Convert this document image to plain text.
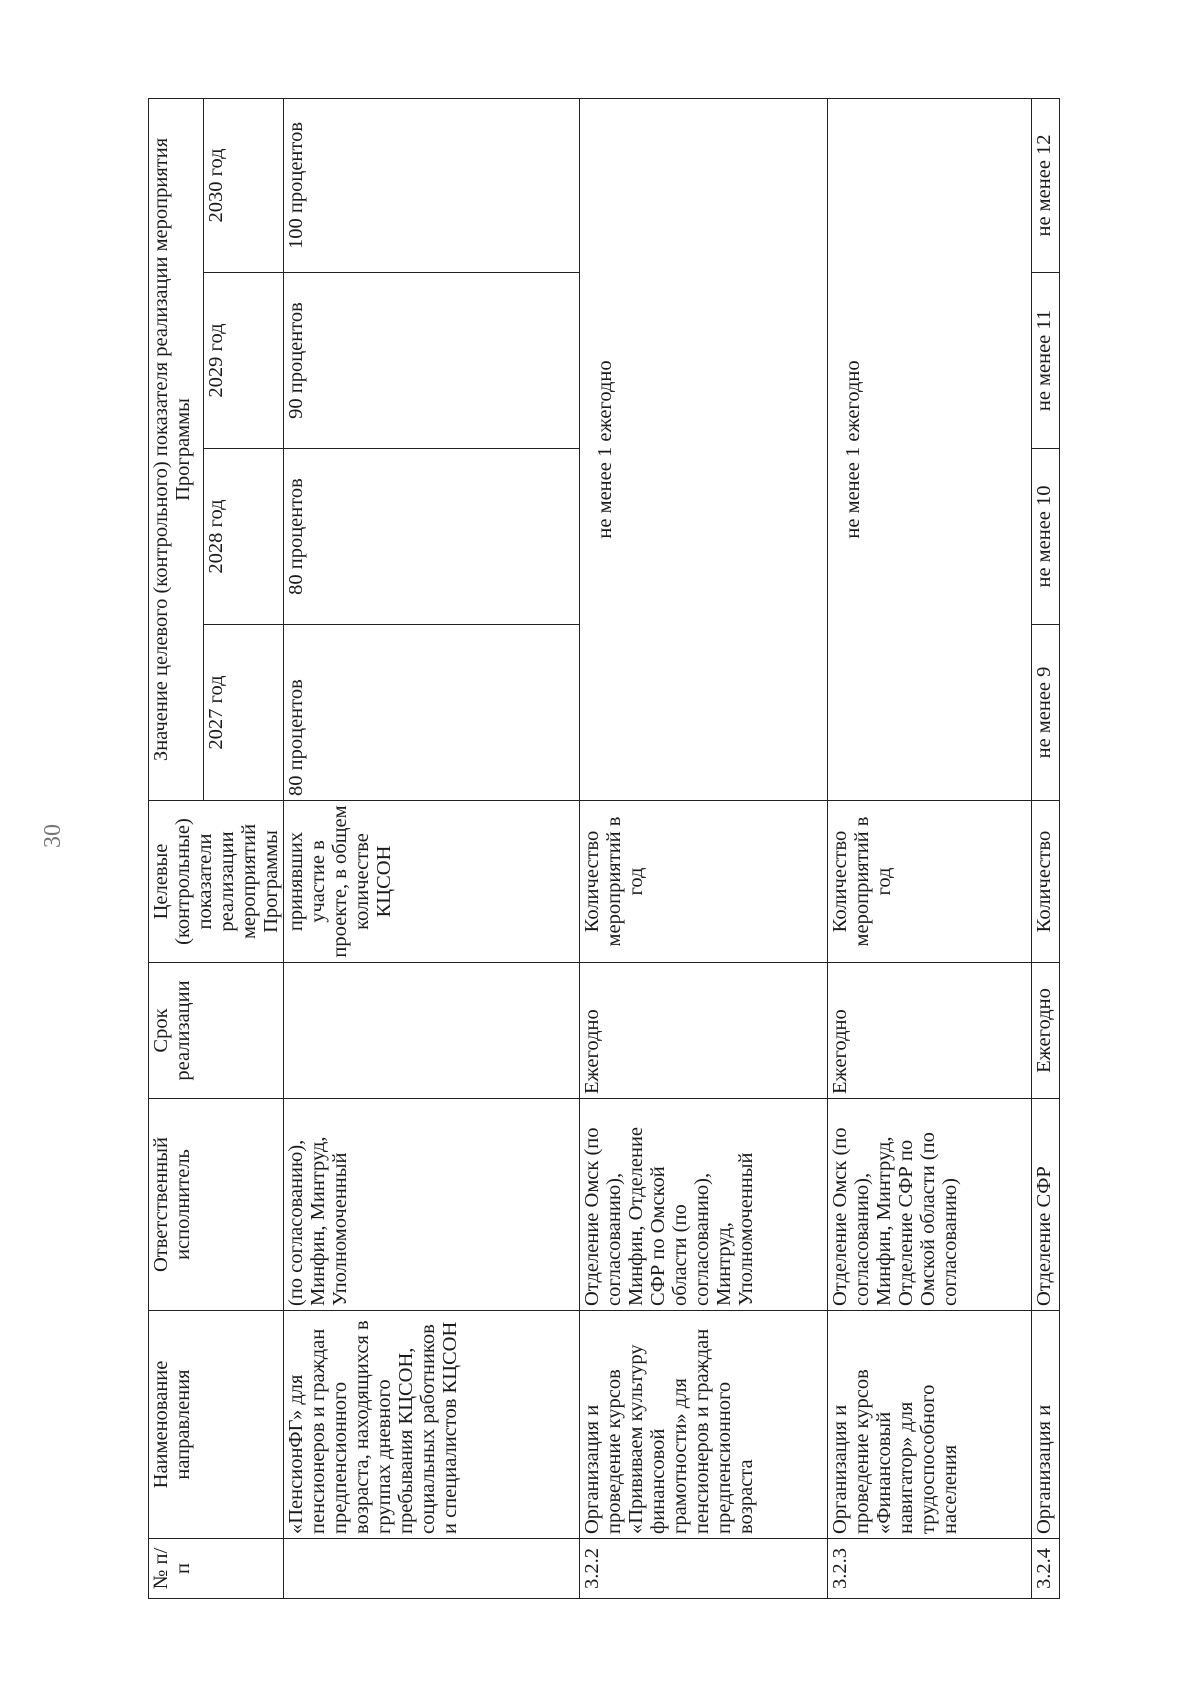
30
№ п/п	Наименование направления	Ответственный исполнитель	Срок реализации	Целевые (контрольные) показатели реализации мероприятий Программы	Значение целевого (контрольного) показателя реализации мероприятия Программы			
					2027 год	2028 год	2029 год	2030 год
	«ПенсионФГ» для пенсионеров и граждан предпенсионного возраста, находящихся в группах дневного пребывания КЦСОН, социальных работников и специалистов КЦСОН	(по согласованию), Минфин, Минтруд, Уполномоченный		принявших участие в проекте, в общем количестве КЦСОН	80 процентов	80 процентов	90 процентов	100 процентов
3.2.2	Организация и проведение курсов «Прививаем культуру финансовой грамотности» для пенсионеров и граждан предпенсионного возраста	Отделение Омск (по согласованию), Минфин, Отделение СФР по Омской области (по согласованию), Минтруд, Уполномоченный	Ежегодно	Количество мероприятий в год	не менее 1 ежегодно			
3.2.3	Организация и проведение курсов «Финансовый навигатор» для трудоспособного населения	Отделение Омск (по согласованию), Минфин, Минтруд, Отделение СФР по Омской области (по согласованию)	Ежегодно	Количество мероприятий в год	не менее 1 ежегодно			
3.2.4	Организация и	Отделение СФР	Ежегодно	Количество	не менее 9	не менее 10	не менее 11	не менее 12
